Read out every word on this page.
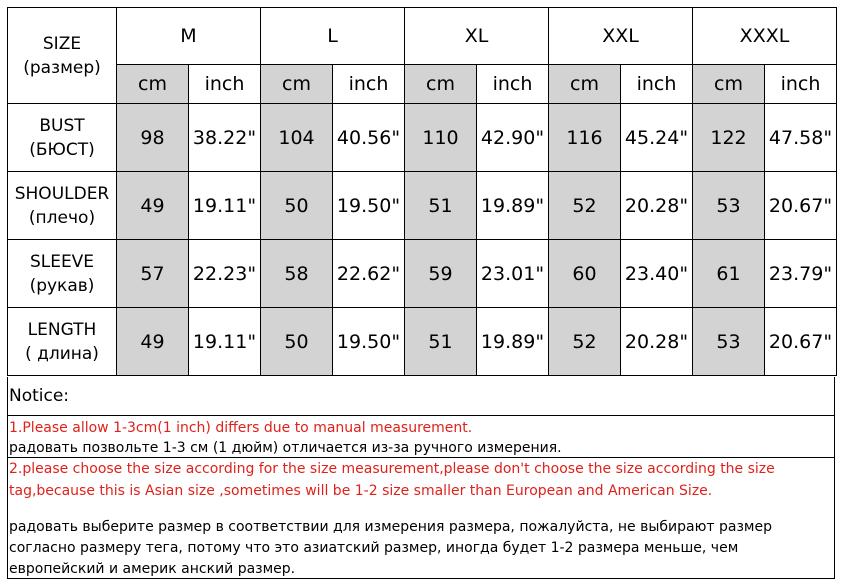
SIZE
(размер)	M		L		XL		XXL		XXXL	
	cm	inch	cm	inch	cm	inch	cm	inch	cm	inch

BUST
(БЮСТ)	98	38.22"	104	40.56"	110	42.90"	116	45.24"	122	47.58"

SHOULDER
(плечо)	49	19.11"	50	19.50"	51	19.89"	52	20.28"	53	20.67"

SLEEVE
(рукав)	57	22.23"	58	22.62"	59	23.01"	60	23.40"	61	23.79"

LENGTH
( длина)	49	19.11"	50	19.50"	51	19.89"	52	20.28"	53	20.67"
Notice:
1.Please allow 1-3cm(1 inch) differs due to manual measurement.
радовать позвольте 1-3 см (1 дюйм) отличается из-за ручного измерения.
2.please choose the size according for the size measurement,please don't choose the size according the size
tag,because this is Asian size ,sometimes will be 1-2 size smaller than European and American Size.
радовать выберите размер в соответствии для измерения размера, пожалуйста, не выбирают размер согласно размеру тега, потому что это азиатский размер, иногда будет 1-2 размера меньше, чем европейский и америк анский размер.
